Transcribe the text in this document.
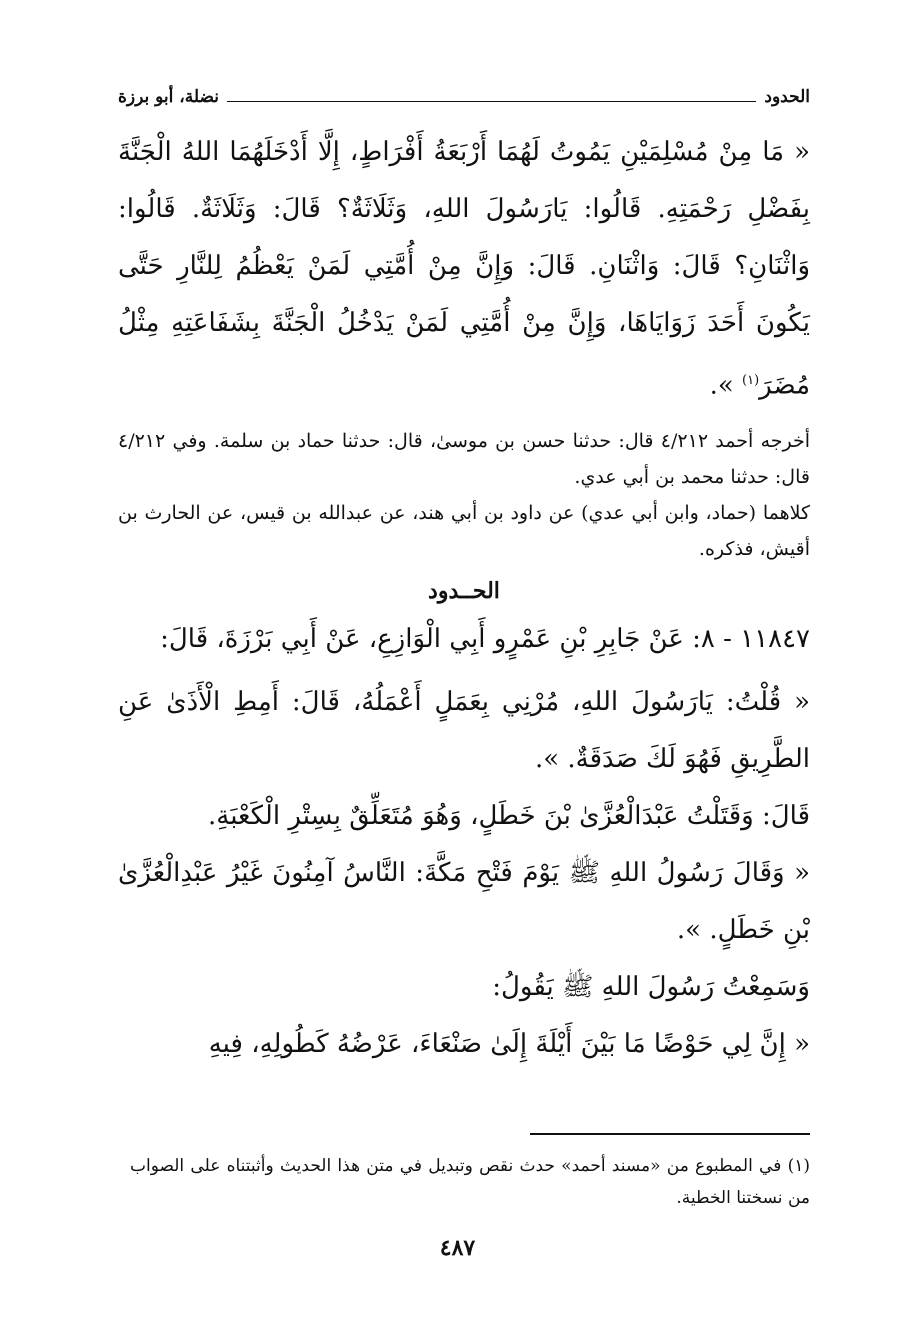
الحدود
نضلة، أبو برزة

« مَا مِنْ مُسْلِمَيْنِ يَمُوتُ لَهُمَا أَرْبَعَةُ أَفْرَاطٍ، إِلَّا أَدْخَلَهُمَا اللهُ الْجَنَّةَ بِفَضْلِ رَحْمَتِهِ. قَالُوا: يَارَسُولَ اللهِ، وَثَلَاثَةٌ؟ قَالَ: وَثَلَاثَةٌ. قَالُوا: وَاثْنَانِ؟ قَالَ: وَاثْنَانِ. قَالَ: وَإِنَّ مِنْ أُمَّتِي لَمَنْ يَعْظُمُ لِلنَّارِ حَتَّى يَكُونَ أَحَدَ زَوَايَاهَا، وَإِنَّ مِنْ أُمَّتِي لَمَنْ يَدْخُلُ الْجَنَّةَ بِشَفَاعَتِهِ مِثْلُ مُضَرَ$^{(١)}$ ».

أخرجه أحمد ٤/٢١٢ قال: حدثنا حسن بن موسىٰ، قال: حدثنا حماد بن سلمة. وفي ٤/٢١٢ قال: حدثنا محمد بن أبي عدي.

كلاهما (حماد، وابن أبي عدي) عن داود بن أبي هند، عن عبدالله بن قيس، عن الحارث بن أقيش، فذكره.

الحــدود

١١٨٤٧ - ٨: عَنْ جَابِرِ بْنِ عَمْرٍو أَبِي الْوَازِعِ، عَنْ أَبِي بَرْزَةَ، قَالَ:

« قُلْتُ: يَارَسُولَ اللهِ، مُرْنِي بِعَمَلٍ أَعْمَلُهُ، قَالَ: أَمِطِ الْأَذَىٰ عَنِ الطَّرِيقِ فَهُوَ لَكَ صَدَقَةٌ. ».

قَالَ: وَقَتَلْتُ عَبْدَالْعُزَّىٰ بْنَ خَطَلٍ، وَهُوَ مُتَعَلِّقٌ بِسِتْرِ الْكَعْبَةِ.

« وَقَالَ رَسُولُ اللهِ ﷺ يَوْمَ فَتْحِ مَكَّةَ: النَّاسُ آمِنُونَ غَيْرُ عَبْدِالْعُزَّىٰ بْنِ خَطَلٍ. ».

وَسَمِعْتُ رَسُولَ اللهِ ﷺ يَقُولُ:

« إِنَّ لِي حَوْضًا مَا بَيْنَ أَيْلَةَ إِلَىٰ صَنْعَاءَ، عَرْضُهُ كَطُولِهِ، فِيهِ

(١) في المطبوع من «مسند أحمد» حدث نقص وتبديل في متن هذا الحديث وأثبتناه على الصواب من نسختنا الخطية.
٤٨٧
